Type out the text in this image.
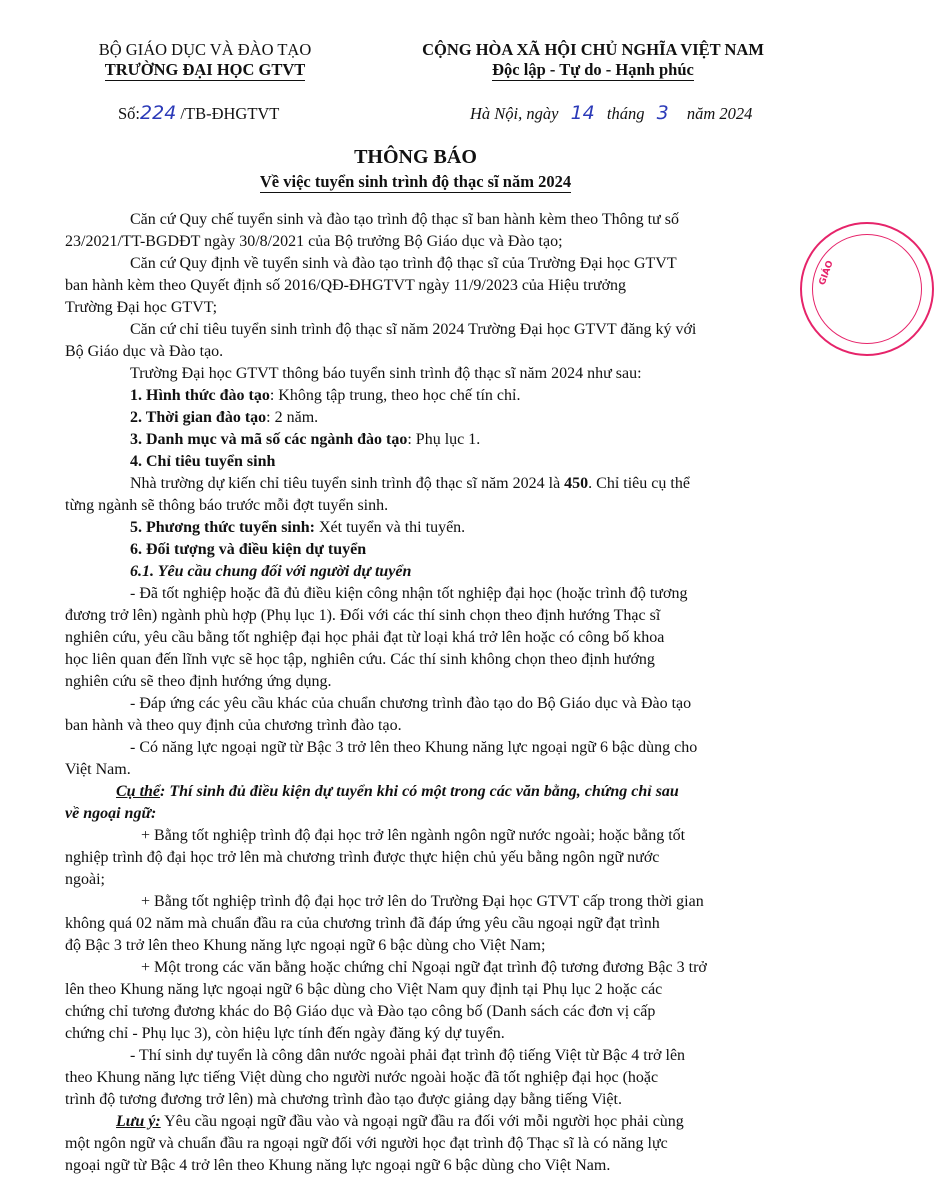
BỘ GIÁO DỤC VÀ ĐÀO TẠO
TRƯỜNG ĐẠI HỌC GTVT
CỘNG HÒA XÃ HỘI CHỦ NGHĨA VIỆT NAM
Độc lập - Tự do - Hạnh phúc
Số:224 /TB-ĐHGTVT	Hà Nội, ngày 14 tháng 3 năm 2024
THÔNG BÁO
Về việc tuyển sinh trình độ thạc sĩ năm 2024
GIÁO

Căn cứ Quy chế tuyển sinh và đào tạo trình độ thạc sĩ ban hành kèm theo Thông tư số

23/2021/TT-BGDĐT ngày 30/8/2021 của Bộ trưởng Bộ Giáo dục và Đào tạo;

Căn cứ Quy định về tuyển sinh và đào tạo trình độ thạc sĩ của Trường Đại học GTVT

ban hành kèm theo Quyết định số 2016/QĐ-ĐHGTVT ngày 11/9/2023 của Hiệu trưởng

Trường Đại học GTVT;

Căn cứ chỉ tiêu tuyển sinh trình độ thạc sĩ năm 2024 Trường Đại học GTVT đăng ký với

Bộ Giáo dục và Đào tạo.

Trường Đại học GTVT thông báo tuyển sinh trình độ thạc sĩ năm 2024 như sau:

1. Hình thức đào tạo: Không tập trung, theo học chế tín chỉ.

2. Thời gian đào tạo: 2 năm.

3. Danh mục và mã số các ngành đào tạo: Phụ lục 1.

4. Chỉ tiêu tuyển sinh

Nhà trường dự kiến chỉ tiêu tuyển sinh trình độ thạc sĩ năm 2024 là 450. Chỉ tiêu cụ thể

từng ngành sẽ thông báo trước mỗi đợt tuyển sinh.

5. Phương thức tuyển sinh: Xét tuyển và thi tuyển.

6. Đối tượng và điều kiện dự tuyển

6.1. Yêu cầu chung đối với người dự tuyển

- Đã tốt nghiệp hoặc đã đủ điều kiện công nhận tốt nghiệp đại học (hoặc trình độ tương

đương trở lên) ngành phù hợp (Phụ lục 1). Đối với các thí sinh chọn theo định hướng Thạc sĩ

nghiên cứu, yêu cầu bằng tốt nghiệp đại học phải đạt từ loại khá trở lên hoặc có công bố khoa

học liên quan đến lĩnh vực sẽ học tập, nghiên cứu. Các thí sinh không chọn theo định hướng

nghiên cứu sẽ theo định hướng ứng dụng.

- Đáp ứng các yêu cầu khác của chuẩn chương trình đào tạo do Bộ Giáo dục và Đào tạo

ban hành và theo quy định của chương trình đào tạo.

- Có năng lực ngoại ngữ từ Bậc 3 trở lên theo Khung năng lực ngoại ngữ 6 bậc dùng cho

Việt Nam.

Cụ thể: Thí sinh đủ điều kiện dự tuyển khi có một trong các văn bằng, chứng chỉ sau

về ngoại ngữ:

+ Bằng tốt nghiệp trình độ đại học trở lên ngành ngôn ngữ nước ngoài; hoặc bằng tốt

nghiệp trình độ đại học trở lên mà chương trình được thực hiện chủ yếu bằng ngôn ngữ nước

ngoài;

+ Bằng tốt nghiệp trình độ đại học trở lên do Trường Đại học GTVT cấp trong thời gian

không quá 02 năm mà chuẩn đầu ra của chương trình đã đáp ứng yêu cầu ngoại ngữ đạt trình

độ Bậc 3 trở lên theo Khung năng lực ngoại ngữ 6 bậc dùng cho Việt Nam;

+ Một trong các văn bằng hoặc chứng chỉ Ngoại ngữ đạt trình độ tương đương Bậc 3 trở

lên theo Khung năng lực ngoại ngữ 6 bậc dùng cho Việt Nam quy định tại Phụ lục 2 hoặc các

chứng chỉ tương đương khác do Bộ Giáo dục và Đào tạo công bố (Danh sách các đơn vị cấp

chứng chỉ - Phụ lục 3), còn hiệu lực tính đến ngày đăng ký dự tuyển.

- Thí sinh dự tuyển là công dân nước ngoài phải đạt trình độ tiếng Việt từ Bậc 4 trở lên

theo Khung năng lực tiếng Việt dùng cho người nước ngoài hoặc đã tốt nghiệp đại học (hoặc

trình độ tương đương trở lên) mà chương trình đào tạo được giảng dạy bằng tiếng Việt.

Lưu ý: Yêu cầu ngoại ngữ đầu vào và ngoại ngữ đầu ra đối với mỗi người học phải cùng

một ngôn ngữ và chuẩn đầu ra ngoại ngữ đối với người học đạt trình độ Thạc sĩ là có năng lực

ngoại ngữ từ Bậc 4 trở lên theo Khung năng lực ngoại ngữ 6 bậc dùng cho Việt Nam.
